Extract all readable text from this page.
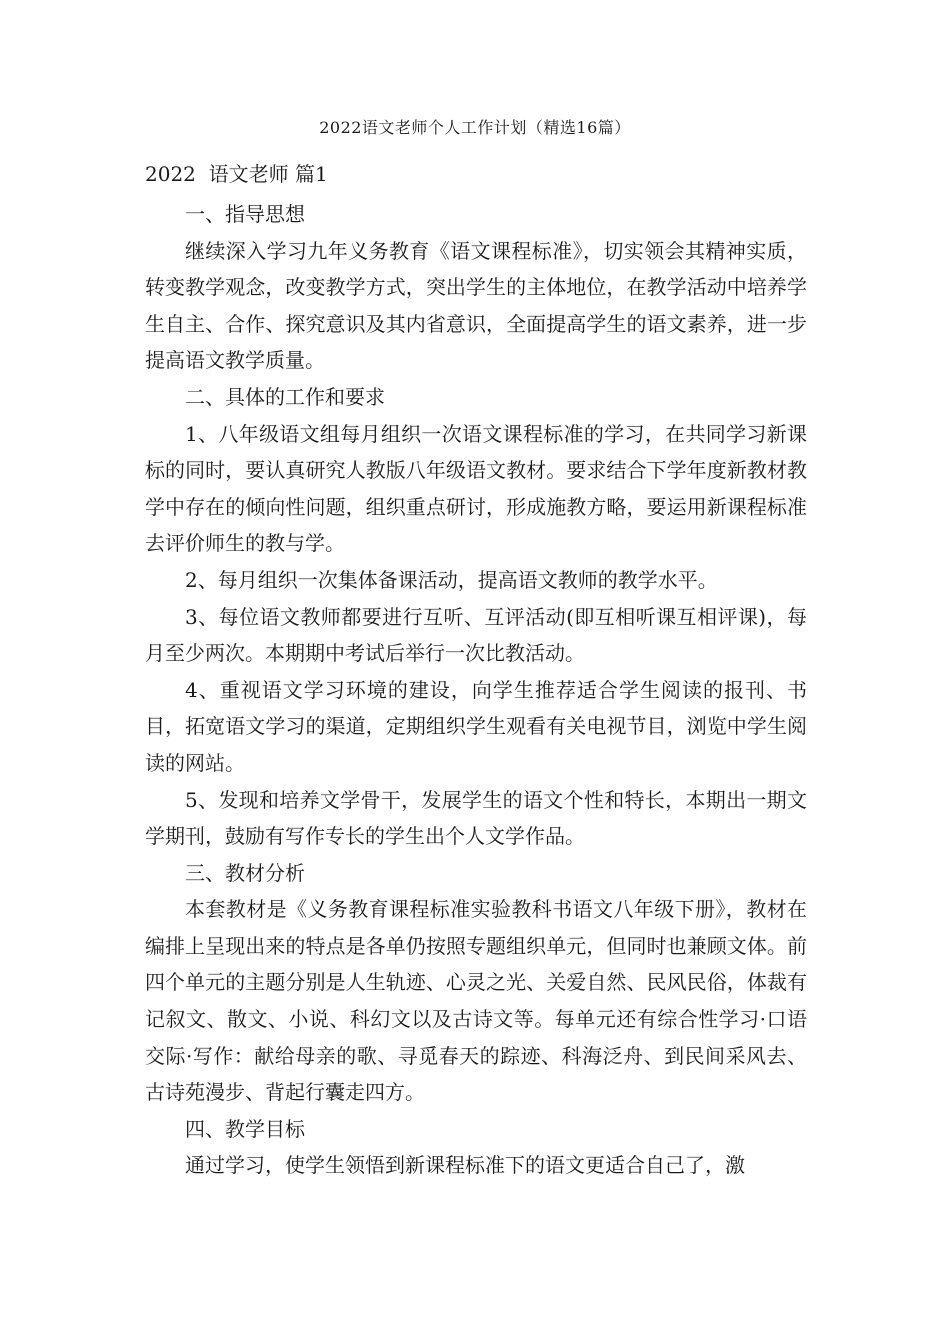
2022语文老师个人工作计划（精选16篇）
2022  语文老师 篇1

一、指导思想

继续深入学习九年义务教育《语文课程标准》，切实领会其精神实质，转变教学观念，改变教学方式，突出学生的主体地位，在教学活动中培养学生自主、合作、探究意识及其内省意识，全面提高学生的语文素养，进一步提高语文教学质量。

二、具体的工作和要求

1、八年级语文组每月组织一次语文课程标准的学习，在共同学习新课标的同时，要认真研究人教版八年级语文教材。要求结合下学年度新教材教学中存在的倾向性问题，组织重点研讨，形成施教方略，要运用新课程标准去评价师生的教与学。

2、每月组织一次集体备课活动，提高语文教师的教学水平。

3、每位语文教师都要进行互听、互评活动(即互相听课互相评课)，每月至少两次。本期期中考试后举行一次比教活动。

4、重视语文学习环境的建设，向学生推荐适合学生阅读的报刊、书目，拓宽语文学习的渠道，定期组织学生观看有关电视节目，浏览中学生阅读的网站。

5、发现和培养文学骨干，发展学生的语文个性和特长，本期出一期文学期刊，鼓励有写作专长的学生出个人文学作品。

三、教材分析

本套教材是《义务教育课程标准实验教科书语文八年级下册》，教材在编排上呈现出来的特点是各单仍按照专题组织单元，但同时也兼顾文体。前四个单元的主题分别是人生轨迹、心灵之光、关爱自然、民风民俗，体裁有记叙文、散文、小说、科幻文以及古诗文等。每单元还有综合性学习·口语交际·写作：献给母亲的歌、寻觅春天的踪迹、科海泛舟、到民间采风去、古诗苑漫步、背起行囊走四方。

四、教学目标

通过学习，使学生领悟到新课程标准下的语文更适合自己了，激
